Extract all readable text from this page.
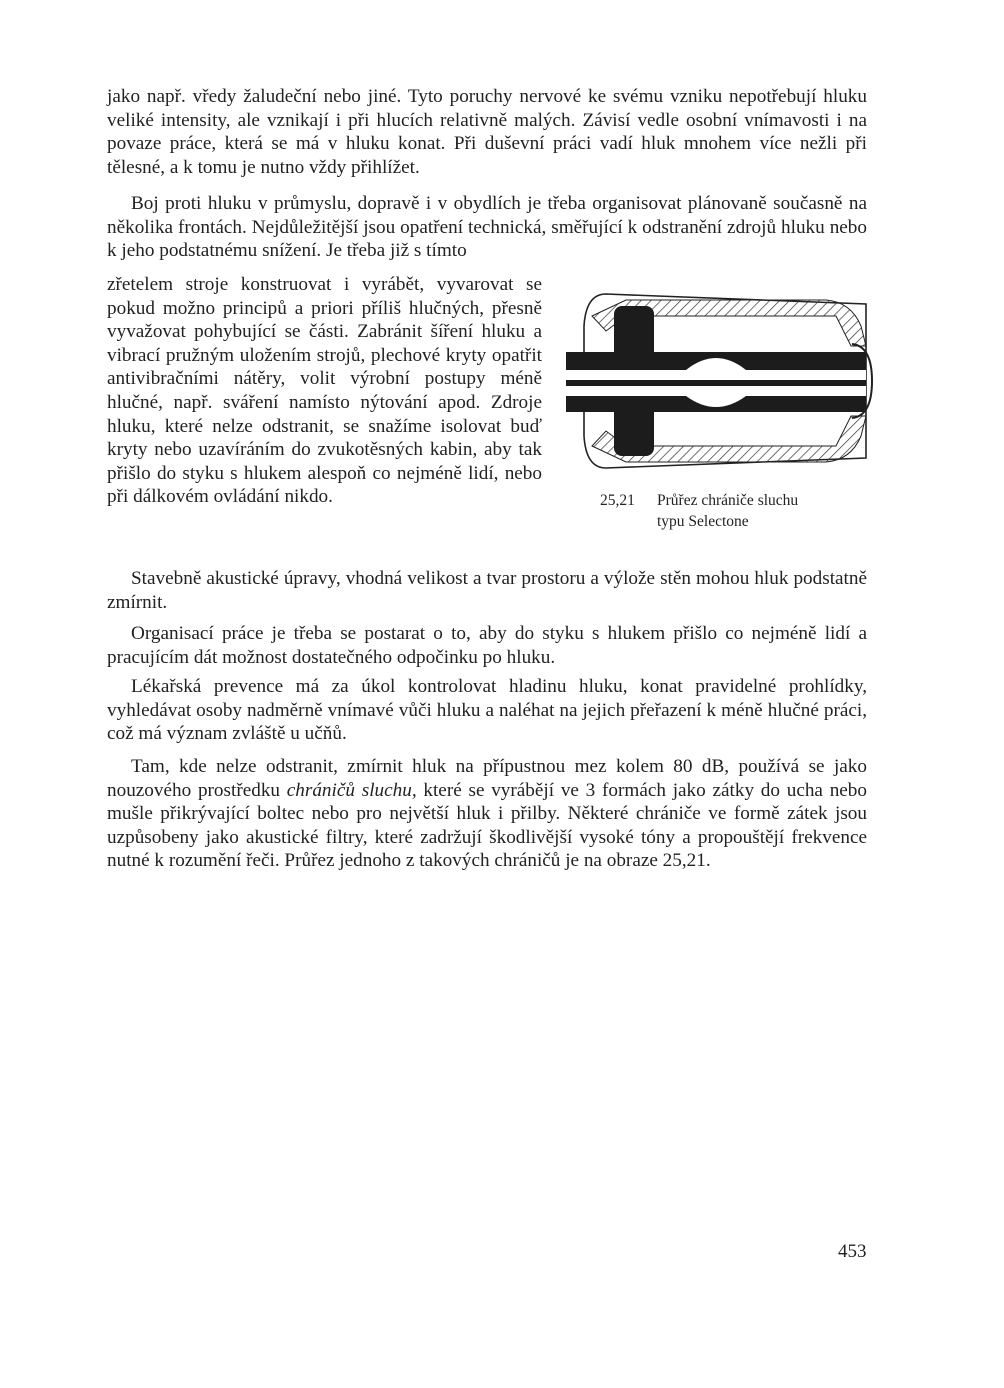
jako např. vředy žaludeční nebo jiné. Tyto poruchy nervové ke svému vzniku nepotřebují hluku veliké intensity, ale vznikají i při hlucích relativně malých. Závisí vedle osobní vnímavosti i na povaze práce, která se má v hluku konat. Při duševní práci vadí hluk mnohem více nežli při tělesné, a k tomu je nutno vždy přihlížet.

Boj proti hluku v průmyslu, dopravě i v obydlích je třeba organisovat plánovaně současně na několika frontách. Nejdůležitější jsou opatření technická, směřující k odstranění zdrojů hluku nebo k jeho podstatnému snížení. Je třeba již s tímto

zřetelem stroje konstruovat i vyrábět, vyvarovat se pokud možno principů a priori příliš hlučných, přesně vyvažovat pohybující se části. Zabránit šíření hluku a vibrací pružným uložením strojů, plechové kryty opatřit antivibračními nátěry, volit výrobní postupy méně hlučné, např. sváření namísto nýtování apod. Zdroje hluku, které nelze odstranit, se snažíme isolovat buď kryty nebo uzavíráním do zvukotěsných kabin, aby tak přišlo do styku s hlukem alespoň co nejméně lidí, nebo při dálkovém ovládání nikdo.	25,21 Průřez chrániče sluchu
typu Selectone

Stavebně akustické úpravy, vhodná velikost a tvar prostoru a výlože stěn mohou hluk podstatně zmírnit.

Organisací práce je třeba se postarat o to, aby do styku s hlukem přišlo co nejméně lidí a pracujícím dát možnost dostatečného odpočinku po hluku.

Lékařská prevence má za úkol kontrolovat hladinu hluku, konat pravidelné prohlídky, vyhledávat osoby nadměrně vnímavé vůči hluku a naléhat na jejich přeřazení k méně hlučné práci, což má význam zvláště u učňů.

Tam, kde nelze odstranit, zmírnit hluk na přípustnou mez kolem 80 dB, používá se jako nouzového prostředku chráničů sluchu, které se vyrábějí ve 3 formách jako zátky do ucha nebo mušle přikrývající boltec nebo pro největší hluk i přilby. Některé chrániče ve formě zátek jsou uzpůsobeny jako akustické filtry, které zadržují škodlivější vysoké tóny a propouštějí frekvence nutné k rozumění řeči. Průřez jednoho z takových chráničů je na obraze 25,21.

453
